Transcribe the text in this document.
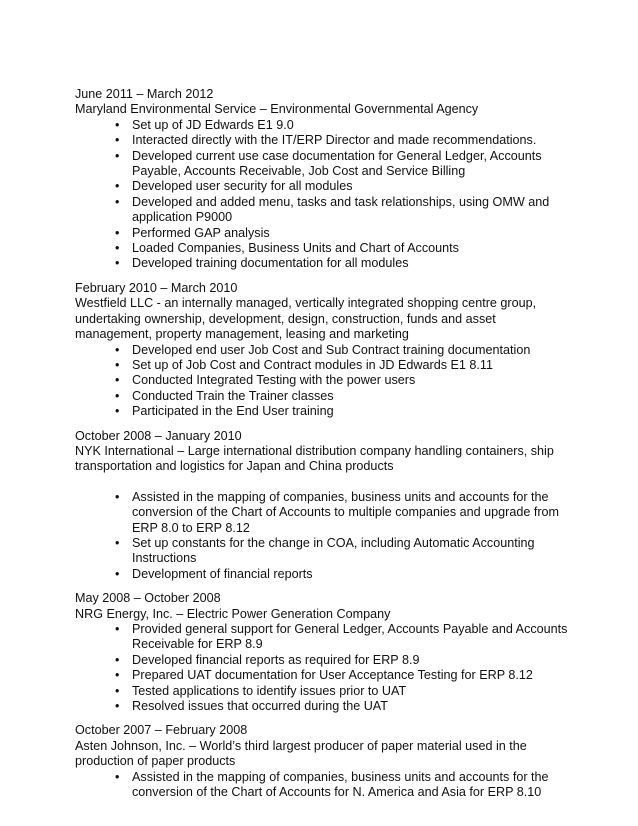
June 2011 – March 2012

Maryland Environmental Service – Environmental Governmental Agency

• Set up of JD Edwards E1 9.0
• Interacted directly with the IT/ERP Director and made recommendations.
• Developed current use case documentation for General Ledger, Accounts Payable, Accounts Receivable, Job Cost and Service Billing
• Developed user security for all modules
• Developed and added menu, tasks and task relationships, using OMW and application P9000
• Performed GAP analysis
• Loaded Companies, Business Units and Chart of Accounts
• Developed training documentation for all modules

February 2010 – March 2010

Westfield LLC - an internally managed, vertically integrated shopping centre group, undertaking ownership, development, design, construction, funds and asset management, property management, leasing and marketing

• Developed end user Job Cost and Sub Contract training documentation
• Set up of Job Cost and Contract modules in JD Edwards E1 8.11
• Conducted Integrated Testing with the power users
• Conducted Train the Trainer classes
• Participated in the End User training

October 2008 – January 2010

NYK International – Large international distribution company handling containers, ship transportation and logistics for Japan and China products

• Assisted in the mapping of companies, business units and accounts for the conversion of the Chart of Accounts to multiple companies and upgrade from ERP 8.0 to ERP 8.12
• Set up constants for the change in COA, including Automatic Accounting Instructions
• Development of financial reports

May 2008 – October 2008

NRG Energy, Inc. – Electric Power Generation Company

• Provided general support for General Ledger, Accounts Payable and Accounts Receivable for ERP 8.9
• Developed financial reports as required for ERP 8.9
• Prepared UAT documentation for User Acceptance Testing for ERP 8.12
• Tested applications to identify issues prior to UAT
• Resolved issues that occurred during the UAT

October 2007 – February 2008

Asten Johnson, Inc. – World’s third largest producer of paper material used in the production of paper products

• Assisted in the mapping of companies, business units and accounts for the conversion of the Chart of Accounts for N. America and Asia for ERP 8.10
